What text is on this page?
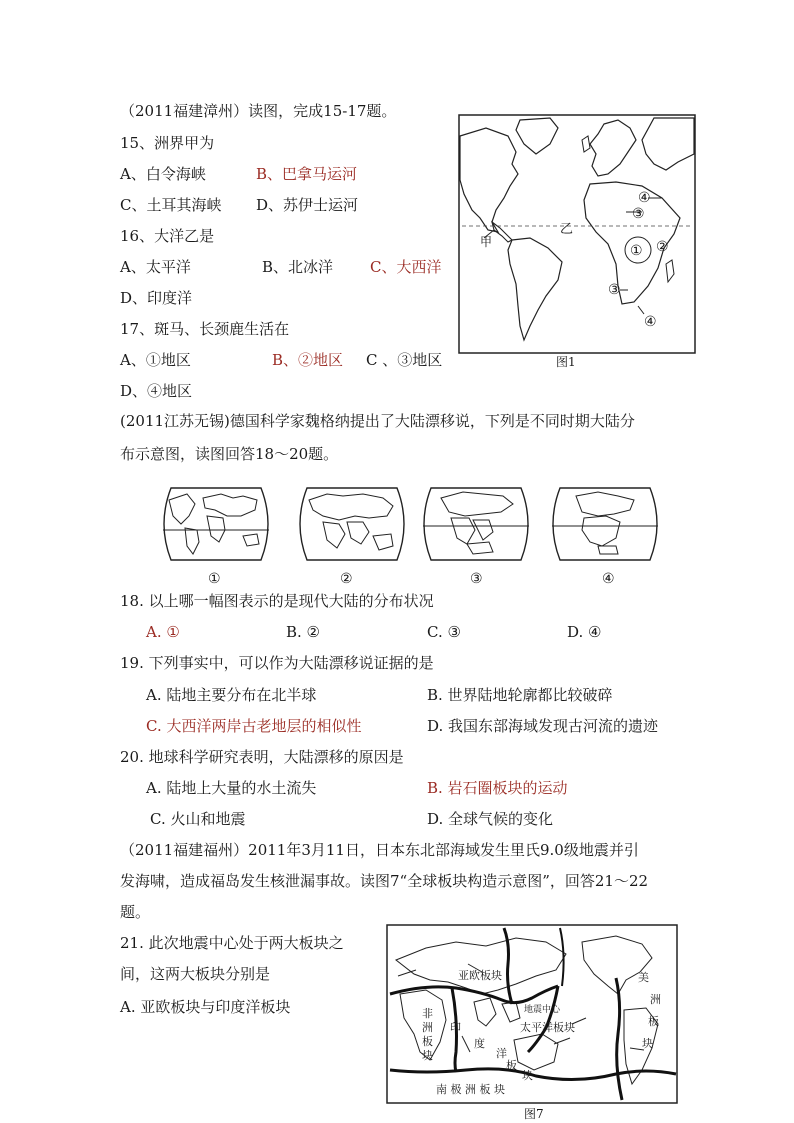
（2011福建漳州）读图，完成15-17题。
15、洲界甲为
A、白令海峡	B、巴拿马运河
C、土耳其海峡 D、苏伊士运河
16、大洋乙是
A、太平洋	B、北冰洋 C、大西洋
D、印度洋
17、斑马、长颈鹿生活在
A、①地区	B、②地区 C 、③地区
D、④地区
④
③
① ②
③
④
甲
乙
图1
(2011江苏无锡)德国科学家魏格纳提出了大陆漂移说，下列是不同时期大陆分
布示意图，读图回答18～20题。
①	②	③	④
18. 以上哪一幅图表示的是现代大陆的分布状况
A. ①	B. ②	C. ③	D. ④
19. 下列事实中，可以作为大陆漂移说证据的是
A. 陆地主要分布在北半球	B. 世界陆地轮廓都比较破碎
C. 大西洋两岸古老地层的相似性	D. 我国东部海域发现古河流的遗迹
20. 地球科学研究表明，大陆漂移的原因是
A. 陆地上大量的水土流失	B. 岩石圈板块的运动
C. 火山和地震	D. 全球气候的变化
（2011福建福州）2011年3月11日，日本东北部海域发生里氏9.0级地震并引
发海啸，造成福岛发生核泄漏事故。读图7“全球板块构造示意图”，回答21～22
题。
21. 此次地震中心处于两大板块之
间，这两大板块分别是
A. 亚欧板块与印度洋板块
亚欧板块
地震中心
太平洋板块
非
洲
板
块
印
度
洋
板
块
南 极 洲 板 块
美
洲
板
块
图7
